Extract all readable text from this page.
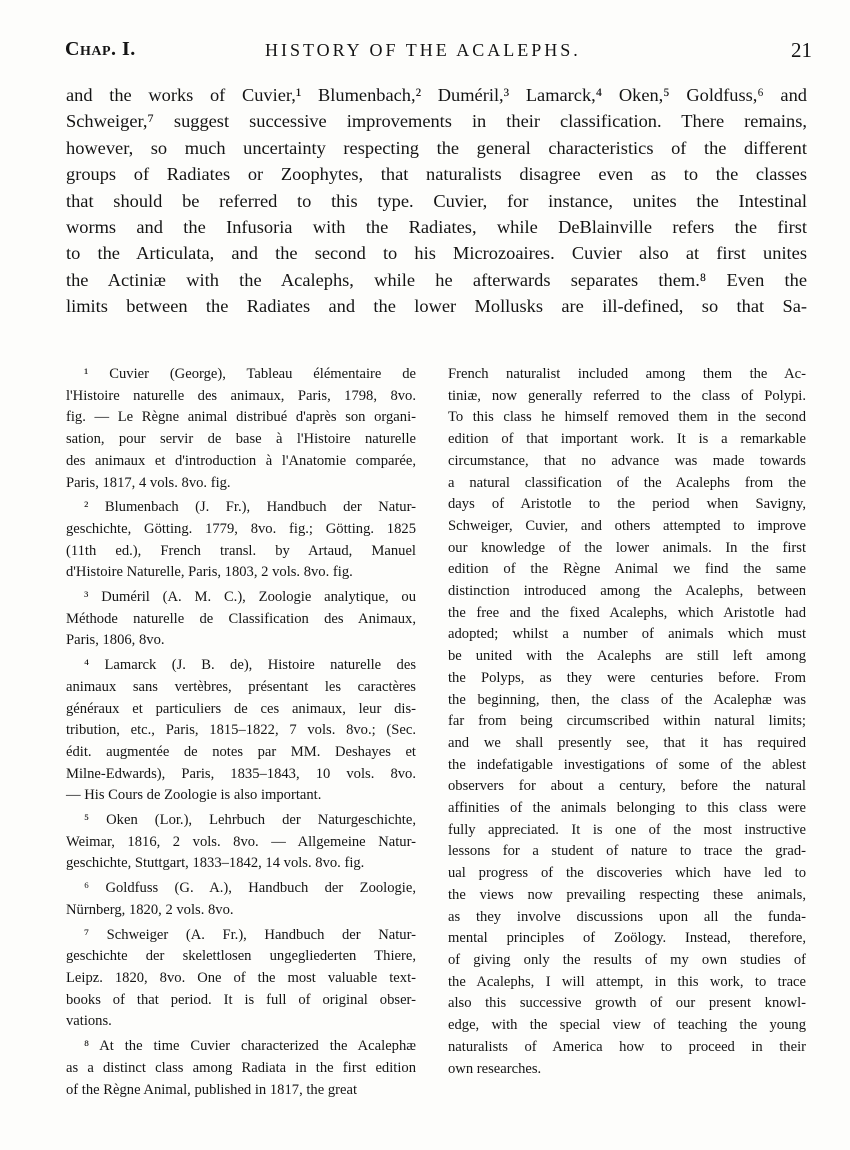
Chap. I.	HISTORY OF THE ACALEPHS.	21
and the works of Cuvier,¹ Blumenbach,² Duméril,³ Lamarck,⁴ Oken,⁵ Goldfuss,⁶ and
Schweiger,⁷ suggest successive improvements in their classification. There remains,
however, so much uncertainty respecting the general characteristics of the different
groups of Radiates or Zoophytes, that naturalists disagree even as to the classes
that should be referred to this type. Cuvier, for instance, unites the Intestinal
worms and the Infusoria with the Radiates, while DeBlainville refers the first
to the Articulata, and the second to his Microzoaires. Cuvier also at first unites
the Actiniæ with the Acalephs, while he afterwards separates them.⁸ Even the
limits between the Radiates and the lower Mollusks are ill-defined, so that Sa-
¹ Cuvier (George), Tableau élémentaire de
l'Histoire naturelle des animaux, Paris, 1798, 8vo.
fig. — Le Règne animal distribué d'après son organi-
sation, pour servir de base à l'Histoire naturelle
des animaux et d'introduction à l'Anatomie comparée,
Paris, 1817, 4 vols. 8vo. fig.
² Blumenbach (J. Fr.), Handbuch der Natur-
geschichte, Götting. 1779, 8vo. fig.; Götting. 1825
(11th ed.), French transl. by Artaud, Manuel
d'Histoire Naturelle, Paris, 1803, 2 vols. 8vo. fig.
³ Duméril (A. M. C.), Zoologie analytique, ou
Méthode naturelle de Classification des Animaux,
Paris, 1806, 8vo.
⁴ Lamarck (J. B. de), Histoire naturelle des
animaux sans vertèbres, présentant les caractères
généraux et particuliers de ces animaux, leur dis-
tribution, etc., Paris, 1815–1822, 7 vols. 8vo.; (Sec.
édit. augmentée de notes par MM. Deshayes et
Milne-Edwards), Paris, 1835–1843, 10 vols. 8vo.
— His Cours de Zoologie is also important.
⁵ Oken (Lor.), Lehrbuch der Naturgeschichte,
Weimar, 1816, 2 vols. 8vo. — Allgemeine Natur-
geschichte, Stuttgart, 1833–1842, 14 vols. 8vo. fig.
⁶ Goldfuss (G. A.), Handbuch der Zoologie,
Nürnberg, 1820, 2 vols. 8vo.
⁷ Schweiger (A. Fr.), Handbuch der Natur-
geschichte der skelettlosen ungegliederten Thiere,
Leipz. 1820, 8vo. One of the most valuable text-
books of that period. It is full of original obser-
vations.
⁸ At the time Cuvier characterized the Acalephæ
as a distinct class among Radiata in the first edition
of the Règne Animal, published in 1817, the great
French naturalist included among them the Ac-
tiniæ, now generally referred to the class of Polypi.
To this class he himself removed them in the second
edition of that important work. It is a remarkable
circumstance, that no advance was made towards
a natural classification of the Acalephs from the
days of Aristotle to the period when Savigny,
Schweiger, Cuvier, and others attempted to improve
our knowledge of the lower animals. In the first
edition of the Règne Animal we find the same
distinction introduced among the Acalephs, between
the free and the fixed Acalephs, which Aristotle had
adopted; whilst a number of animals which must
be united with the Acalephs are still left among
the Polyps, as they were centuries before. From
the beginning, then, the class of the Acalephæ was
far from being circumscribed within natural limits;
and we shall presently see, that it has required
the indefatigable investigations of some of the ablest
observers for about a century, before the natural
affinities of the animals belonging to this class were
fully appreciated. It is one of the most instructive
lessons for a student of nature to trace the grad-
ual progress of the discoveries which have led to
the views now prevailing respecting these animals,
as they involve discussions upon all the funda-
mental principles of Zoölogy. Instead, therefore,
of giving only the results of my own studies of
the Acalephs, I will attempt, in this work, to trace
also this successive growth of our present knowl-
edge, with the special view of teaching the young
naturalists of America how to proceed in their
own researches.
